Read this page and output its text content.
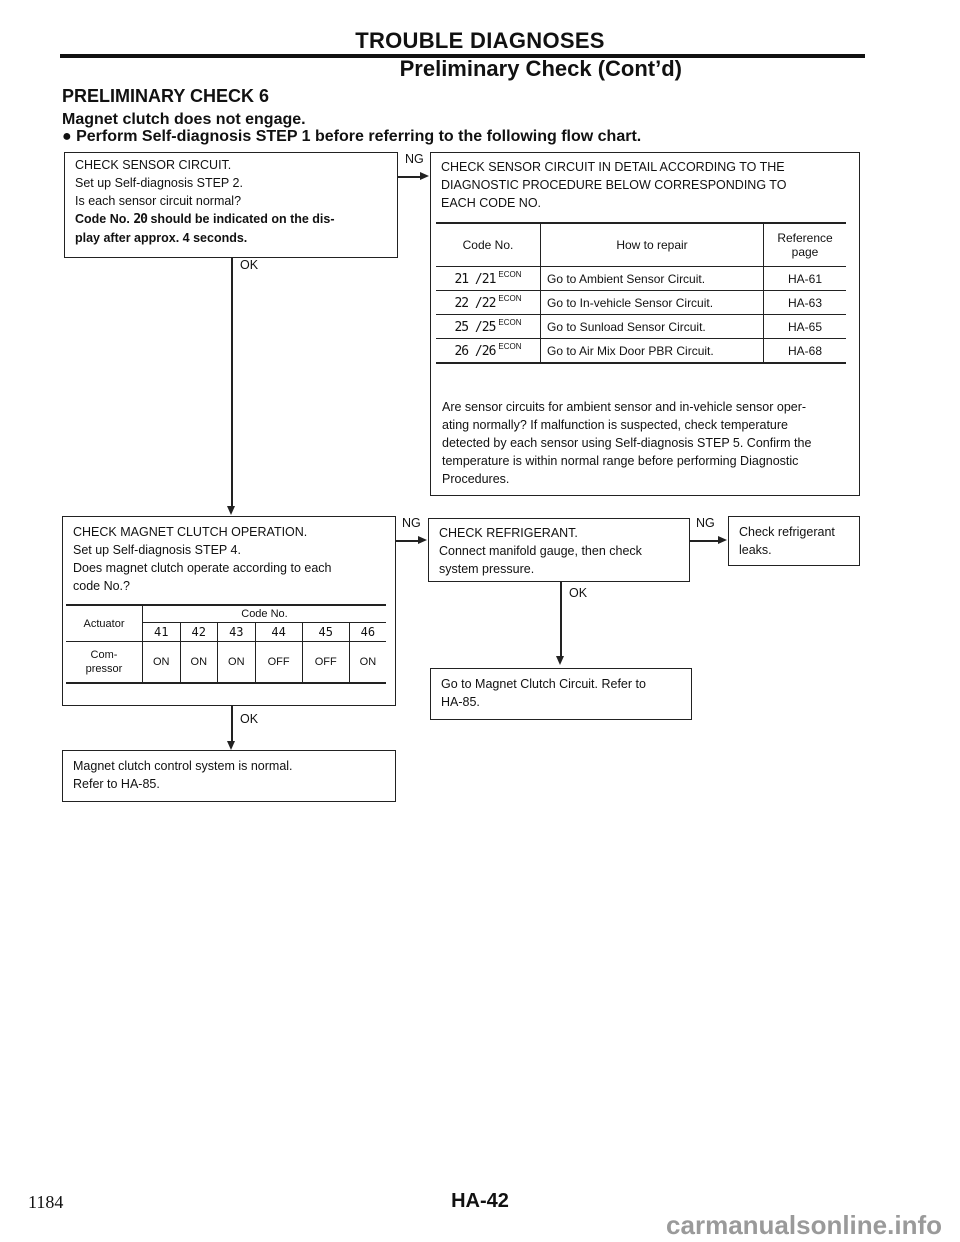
TROUBLE DIAGNOSES
Preliminary Check (Cont’d)
PRELIMINARY CHECK 6
Magnet clutch does not engage.
● Perform Self-diagnosis STEP 1 before referring to the following flow chart.
CHECK SENSOR CIRCUIT.
Set up Self-diagnosis STEP 2.
Is each sensor circuit normal?
Code No. 20 should be indicated on the dis-
play after approx. 4 seconds.
NG
CHECK SENSOR CIRCUIT IN DETAIL ACCORDING TO THE
DIAGNOSTIC PROCEDURE BELOW CORRESPONDING TO
EACH CODE NO.
Code No.	How to repair	Reference
page

21 /21 $^{ECON}$	Go to Ambient Sensor Circuit.	HA-61
22 /22 $^{ECON}$	Go to In-vehicle Sensor Circuit.	HA-63
25 /25 $^{ECON}$	Go to Sunload Sensor Circuit.	HA-65
26 /26 $^{ECON}$	Go to Air Mix Door PBR Circuit.	HA-68
Are sensor circuits for ambient sensor and in-vehicle sensor oper-
ating normally? If malfunction is suspected, check temperature
detected by each sensor using Self-diagnosis STEP 5. Confirm the
temperature is within normal range before performing Diagnostic
Procedures.
OK
CHECK MAGNET CLUTCH OPERATION.
Set up Self-diagnosis STEP 4.
Does magnet clutch operate according to each
code No.?
Actuator	Code No.					
	41	42	43	44	45	46

Com-
pressor	ON	ON	ON	OFF	OFF	ON
NG
CHECK REFRIGERANT.
Connect manifold gauge, then check
system pressure.
NG
Check refrigerant
leaks.
OK
Go to Magnet Clutch Circuit. Refer to
HA-85.
OK
Magnet clutch control system is normal.
Refer to HA-85.
1184	HA-42
carmanualsonline.info
